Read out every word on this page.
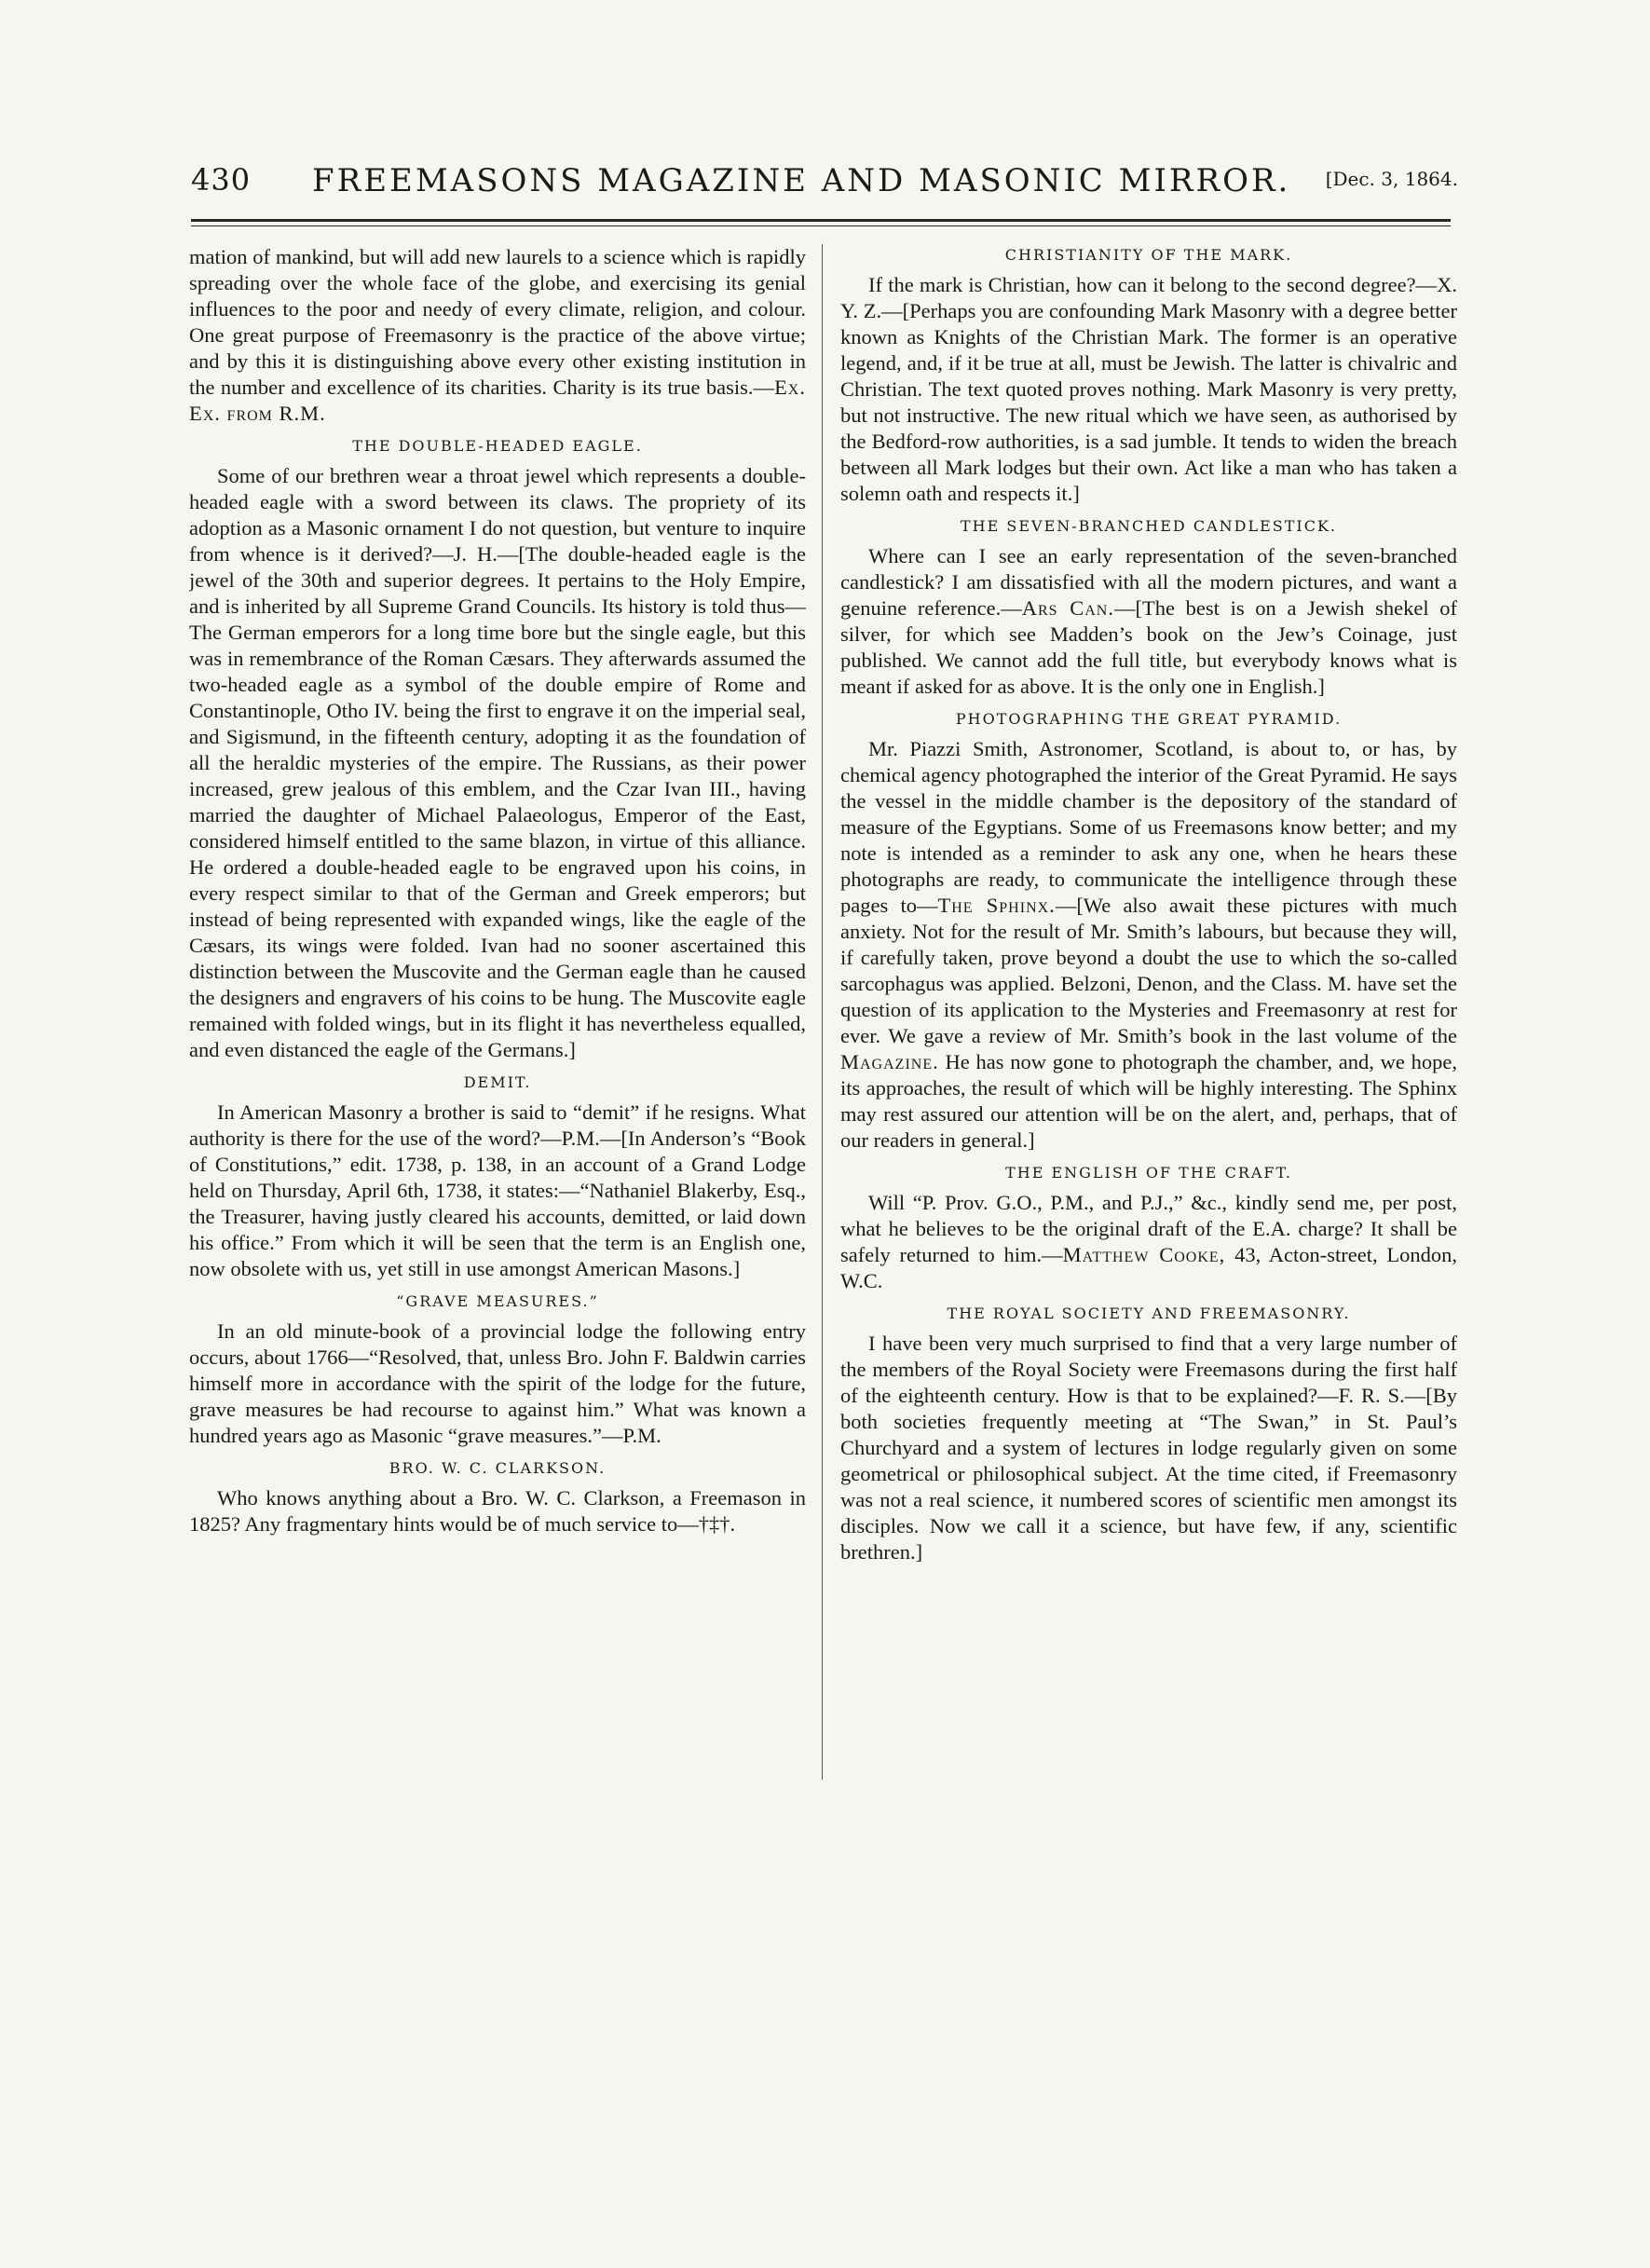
430 FREEMASONS MAGAZINE AND MASONIC MIRROR. [Dec. 3, 1864.

mation of mankind, but will add new laurels to a science which is rapidly spreading over the whole face of the globe, and exercising its genial influences to the poor and needy of every climate, religion, and colour. One great purpose of Freemasonry is the practice of the above virtue; and by this it is distinguishing above every other existing institution in the number and excellence of its charities. Charity is its true basis.—Ex. Ex. from R.M.

THE DOUBLE-HEADED EAGLE.

Some of our brethren wear a throat jewel which represents a double-headed eagle with a sword between its claws. The propriety of its adoption as a Masonic ornament I do not question, but venture to inquire from whence is it derived?—J. H.—[The double-headed eagle is the jewel of the 30th and superior degrees. It pertains to the Holy Empire, and is inherited by all Supreme Grand Councils. Its history is told thus—The German emperors for a long time bore but the single eagle, but this was in remembrance of the Roman Cæsars. They afterwards assumed the two-headed eagle as a symbol of the double empire of Rome and Constantinople, Otho IV. being the first to engrave it on the imperial seal, and Sigismund, in the fifteenth century, adopting it as the foundation of all the heraldic mysteries of the empire. The Russians, as their power increased, grew jealous of this emblem, and the Czar Ivan III., having married the daughter of Michael Palaeologus, Emperor of the East, considered himself entitled to the same blazon, in virtue of this alliance. He ordered a double-headed eagle to be engraved upon his coins, in every respect similar to that of the German and Greek emperors; but instead of being represented with expanded wings, like the eagle of the Cæsars, its wings were folded. Ivan had no sooner ascertained this distinction between the Muscovite and the German eagle than he caused the designers and engravers of his coins to be hung. The Muscovite eagle remained with folded wings, but in its flight it has nevertheless equalled, and even distanced the eagle of the Germans.]

DEMIT.

In American Masonry a brother is said to “demit” if he resigns. What authority is there for the use of the word?—P.M.—[In Anderson’s “Book of Constitutions,” edit. 1738, p. 138, in an account of a Grand Lodge held on Thursday, April 6th, 1738, it states:—“Nathaniel Blakerby, Esq., the Treasurer, having justly cleared his accounts, demitted, or laid down his office.” From which it will be seen that the term is an English one, now obsolete with us, yet still in use amongst American Masons.]

“GRAVE MEASURES.”

In an old minute-book of a provincial lodge the following entry occurs, about 1766—“Resolved, that, unless Bro. John F. Baldwin carries himself more in accordance with the spirit of the lodge for the future, grave measures be had recourse to against him.” What was known a hundred years ago as Masonic “grave measures.”—P.M.

BRO. W. C. CLARKSON.

Who knows anything about a Bro. W. C. Clarkson, a Freemason in 1825? Any fragmentary hints would be of much service to—†‡†.

CHRISTIANITY OF THE MARK.

If the mark is Christian, how can it belong to the second degree?—X. Y. Z.—[Perhaps you are confounding Mark Masonry with a degree better known as Knights of the Christian Mark. The former is an operative legend, and, if it be true at all, must be Jewish. The latter is chivalric and Christian. The text quoted proves nothing. Mark Masonry is very pretty, but not instructive. The new ritual which we have seen, as authorised by the Bedford-row authorities, is a sad jumble. It tends to widen the breach between all Mark lodges but their own. Act like a man who has taken a solemn oath and respects it.]

THE SEVEN-BRANCHED CANDLESTICK.

Where can I see an early representation of the seven-branched candlestick? I am dissatisfied with all the modern pictures, and want a genuine reference.—Ars Can.—[The best is on a Jewish shekel of silver, for which see Madden’s book on the Jew’s Coinage, just published. We cannot add the full title, but everybody knows what is meant if asked for as above. It is the only one in English.]

PHOTOGRAPHING THE GREAT PYRAMID.

Mr. Piazzi Smith, Astronomer, Scotland, is about to, or has, by chemical agency photographed the interior of the Great Pyramid. He says the vessel in the middle chamber is the depository of the standard of measure of the Egyptians. Some of us Freemasons know better; and my note is intended as a reminder to ask any one, when he hears these photographs are ready, to communicate the intelligence through these pages to—The Sphinx.—[We also await these pictures with much anxiety. Not for the result of Mr. Smith’s labours, but because they will, if carefully taken, prove beyond a doubt the use to which the so-called sarcophagus was applied. Belzoni, Denon, and the Class. M. have set the question of its application to the Mysteries and Freemasonry at rest for ever. We gave a review of Mr. Smith’s book in the last volume of the Magazine. He has now gone to photograph the chamber, and, we hope, its approaches, the result of which will be highly interesting. The Sphinx may rest assured our attention will be on the alert, and, perhaps, that of our readers in general.]

THE ENGLISH OF THE CRAFT.

Will “P. Prov. G.O., P.M., and P.J.,” &c., kindly send me, per post, what he believes to be the original draft of the E.A. charge? It shall be safely returned to him.—Matthew Cooke, 43, Acton-street, London, W.C.

THE ROYAL SOCIETY AND FREEMASONRY.

I have been very much surprised to find that a very large number of the members of the Royal Society were Freemasons during the first half of the eighteenth century. How is that to be explained?—F. R. S.—[By both societies frequently meeting at “The Swan,” in St. Paul’s Churchyard and a system of lectures in lodge regularly given on some geometrical or philosophical subject. At the time cited, if Freemasonry was not a real science, it numbered scores of scientific men amongst its disciples. Now we call it a science, but have few, if any, scientific brethren.]
